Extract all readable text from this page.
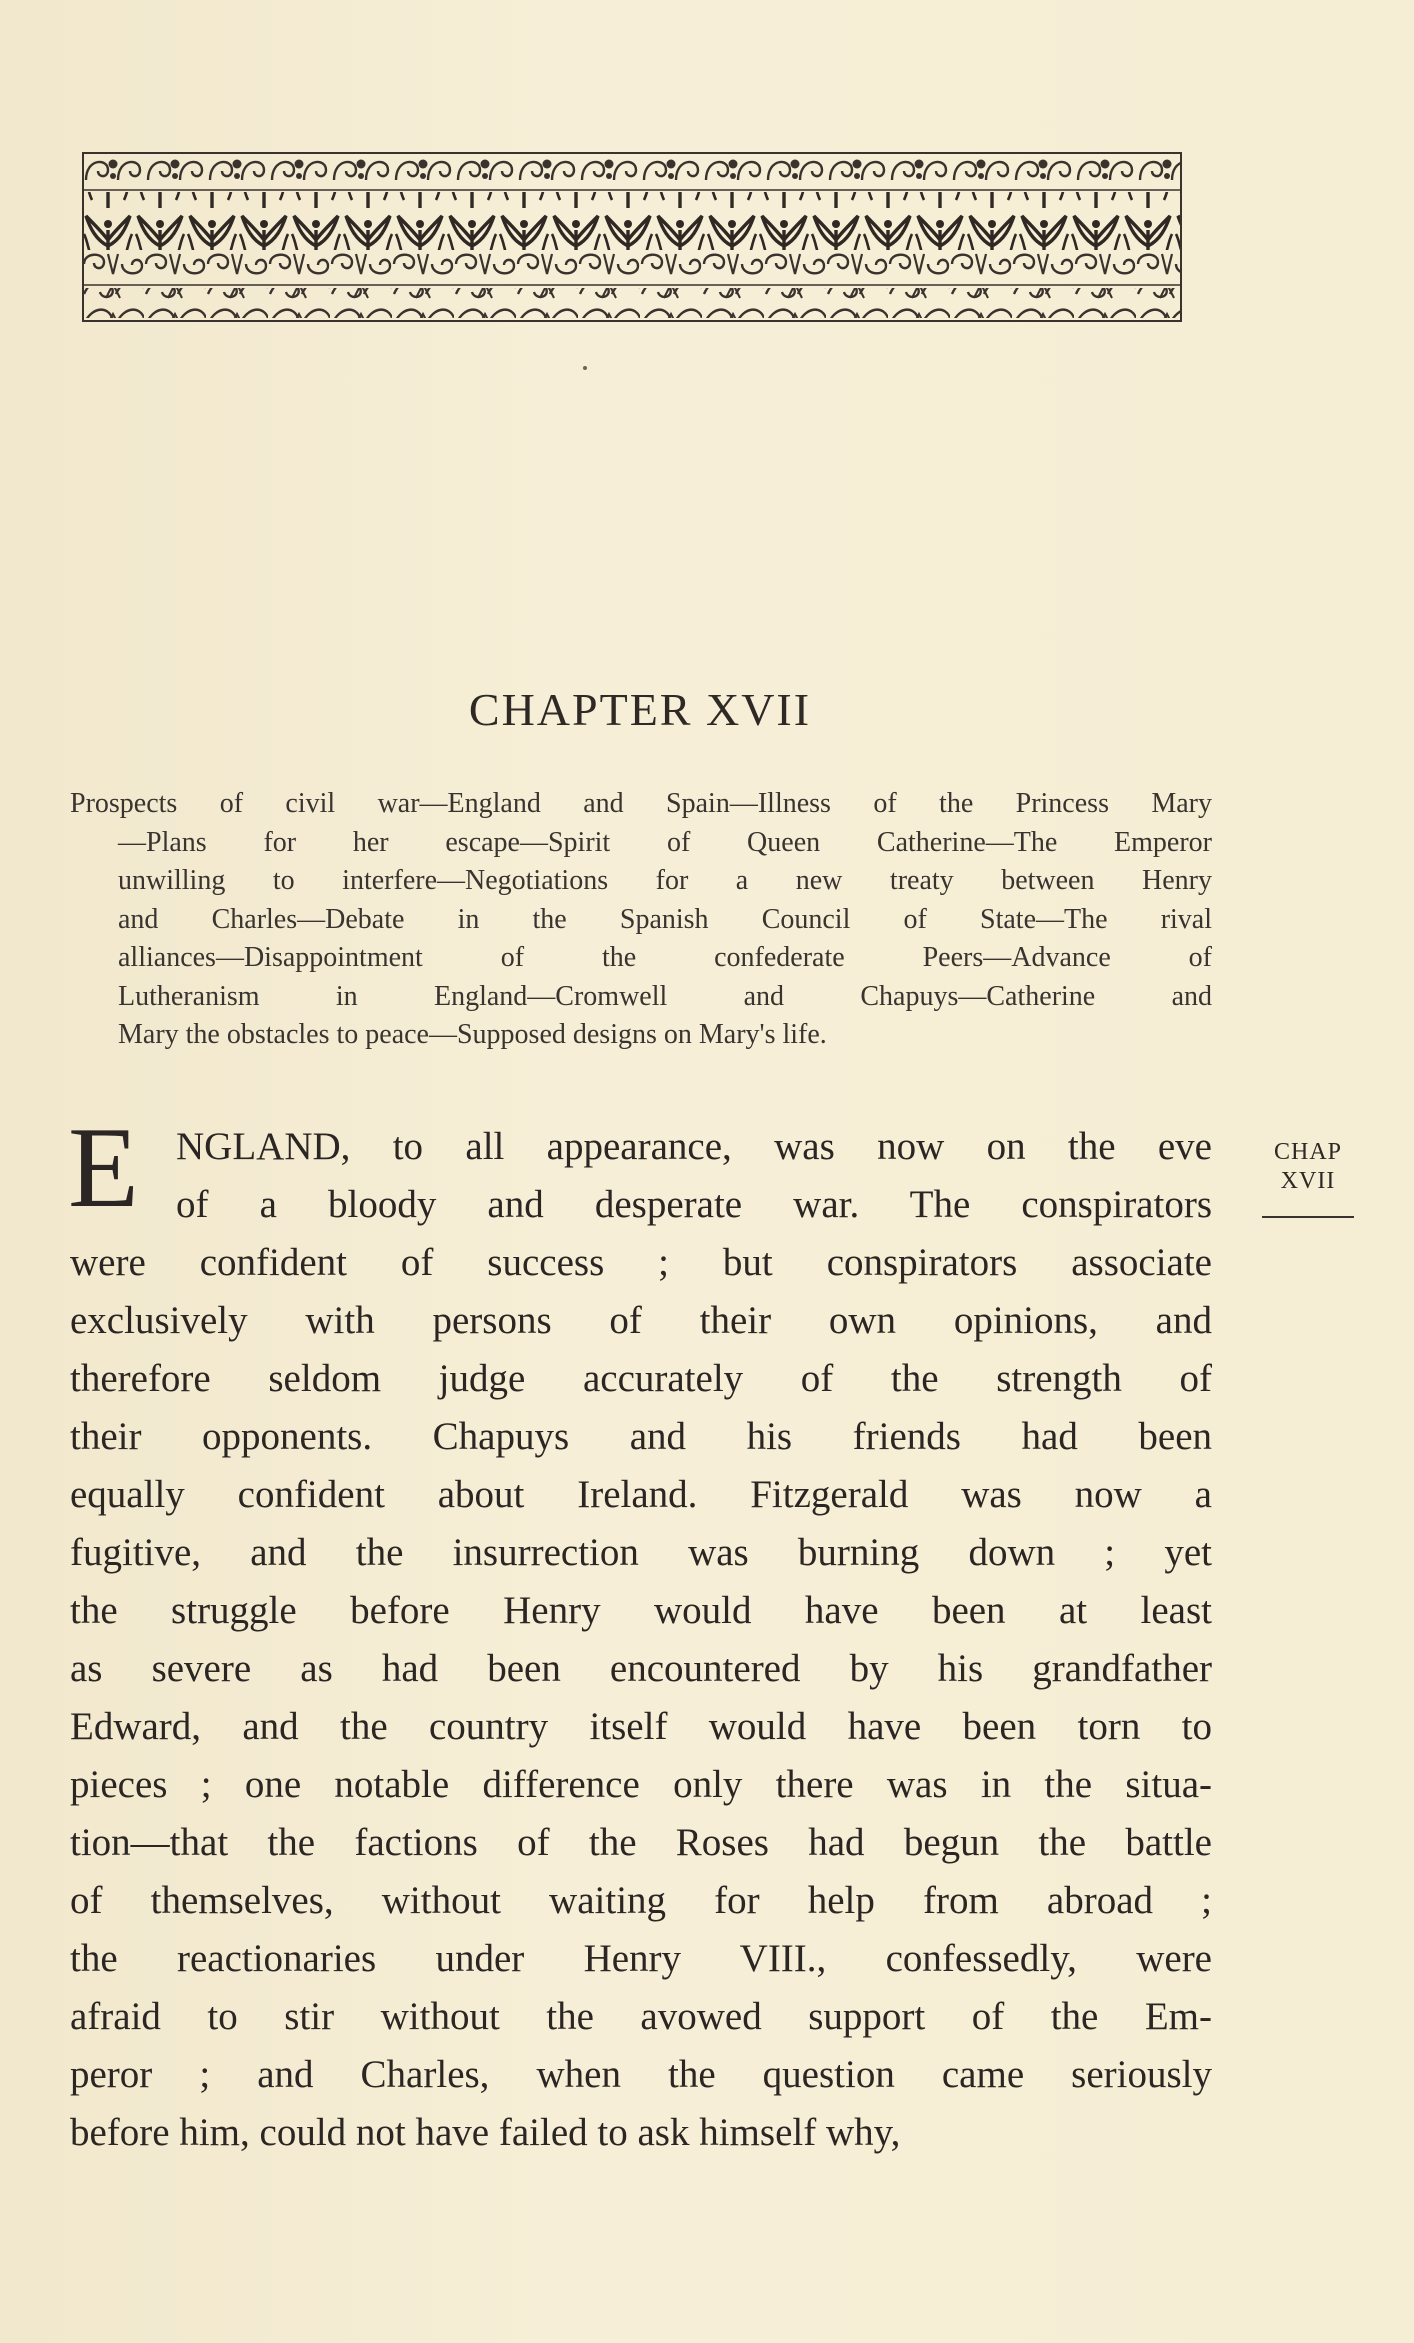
CHAPTER XVII

Prospects of civil war—England and Spain—Illness of the Princess Mary
—Plans for her escape—Spirit of Queen Catherine—The Emperor
unwilling to interfere—Negotiations for a new treaty between Henry
and Charles—Debate in the Spanish Council of State—The rival
alliances—Disappointment of the confederate Peers—Advance of
Lutheranism in England—Cromwell and Chapuys—Catherine and
Mary the obstacles to peace—Supposed designs on Mary's life.

E NGLAND, to all appearance, was now on the eve
of a bloody and desperate war. The conspirators
were confident of success ; but conspirators associate
exclusively with persons of their own opinions, and
therefore seldom judge accurately of the strength of
their opponents. Chapuys and his friends had been
equally confident about Ireland. Fitzgerald was now a
fugitive, and the insurrection was burning down ; yet
the struggle before Henry would have been at least
as severe as had been encountered by his grandfather
Edward, and the country itself would have been torn to
pieces ; one notable difference only there was in the situa-
tion—that the factions of the Roses had begun the battle
of themselves, without waiting for help from abroad ;
the reactionaries under Henry VIII., confessedly, were
afraid to stir without the avowed support of the Em-
peror ; and Charles, when the question came seriously
before him, could not have failed to ask himself why,

CHAP
XVII
